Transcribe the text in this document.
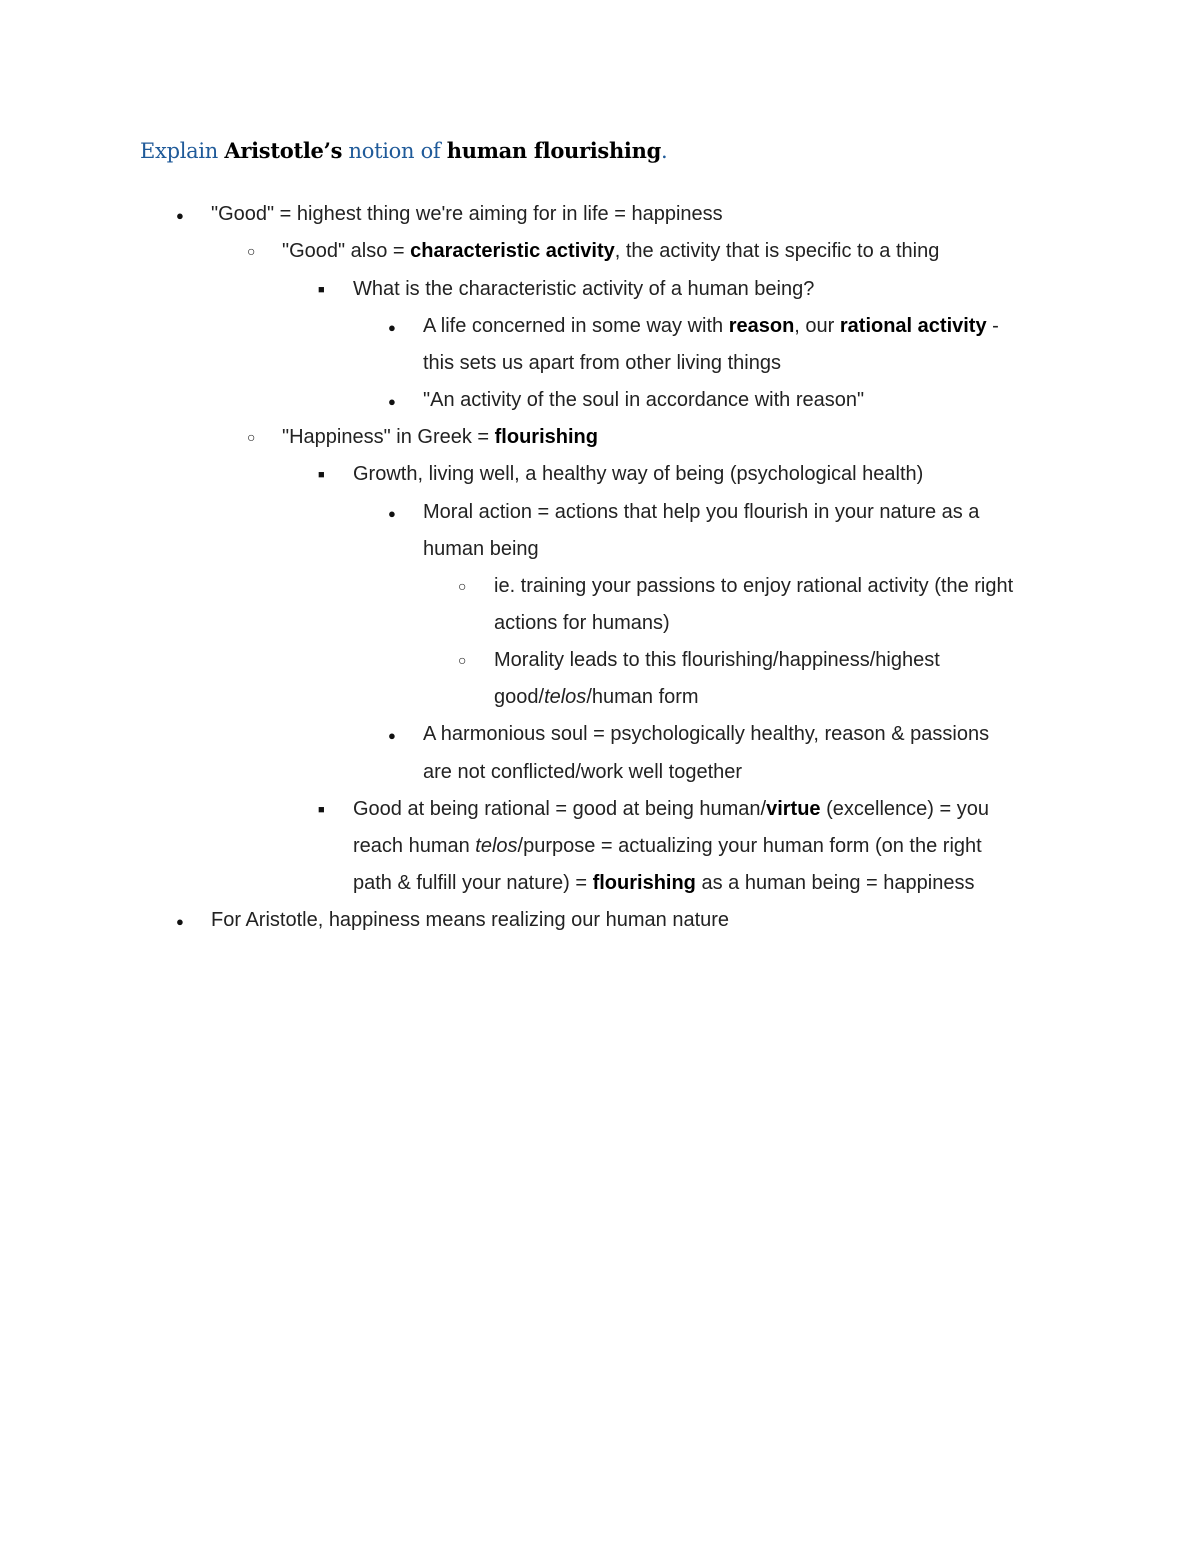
Explain Aristotle’s notion of human flourishing.
● "Good" = highest thing we're aiming for in life = happiness
○ "Good" also = characteristic activity, the activity that is specific to a thing
■ What is the characteristic activity of a human being?
● A life concerned in some way with reason, our rational activity -
this sets us apart from other living things
● "An activity of the soul in accordance with reason"
○ "Happiness" in Greek = flourishing
■ Growth, living well, a healthy way of being (psychological health)
● Moral action = actions that help you flourish in your nature as a
human being
○ ie. training your passions to enjoy rational activity (the right
actions for humans)
○ Morality leads to this flourishing/happiness/highest
good/telos/human form
● A harmonious soul = psychologically healthy, reason & passions
are not conflicted/work well together
■ Good at being rational = good at being human/virtue (excellence) = you
reach human telos/purpose = actualizing your human form (on the right
path & fulfill your nature) = flourishing as a human being = happiness
● For Aristotle, happiness means realizing our human nature
